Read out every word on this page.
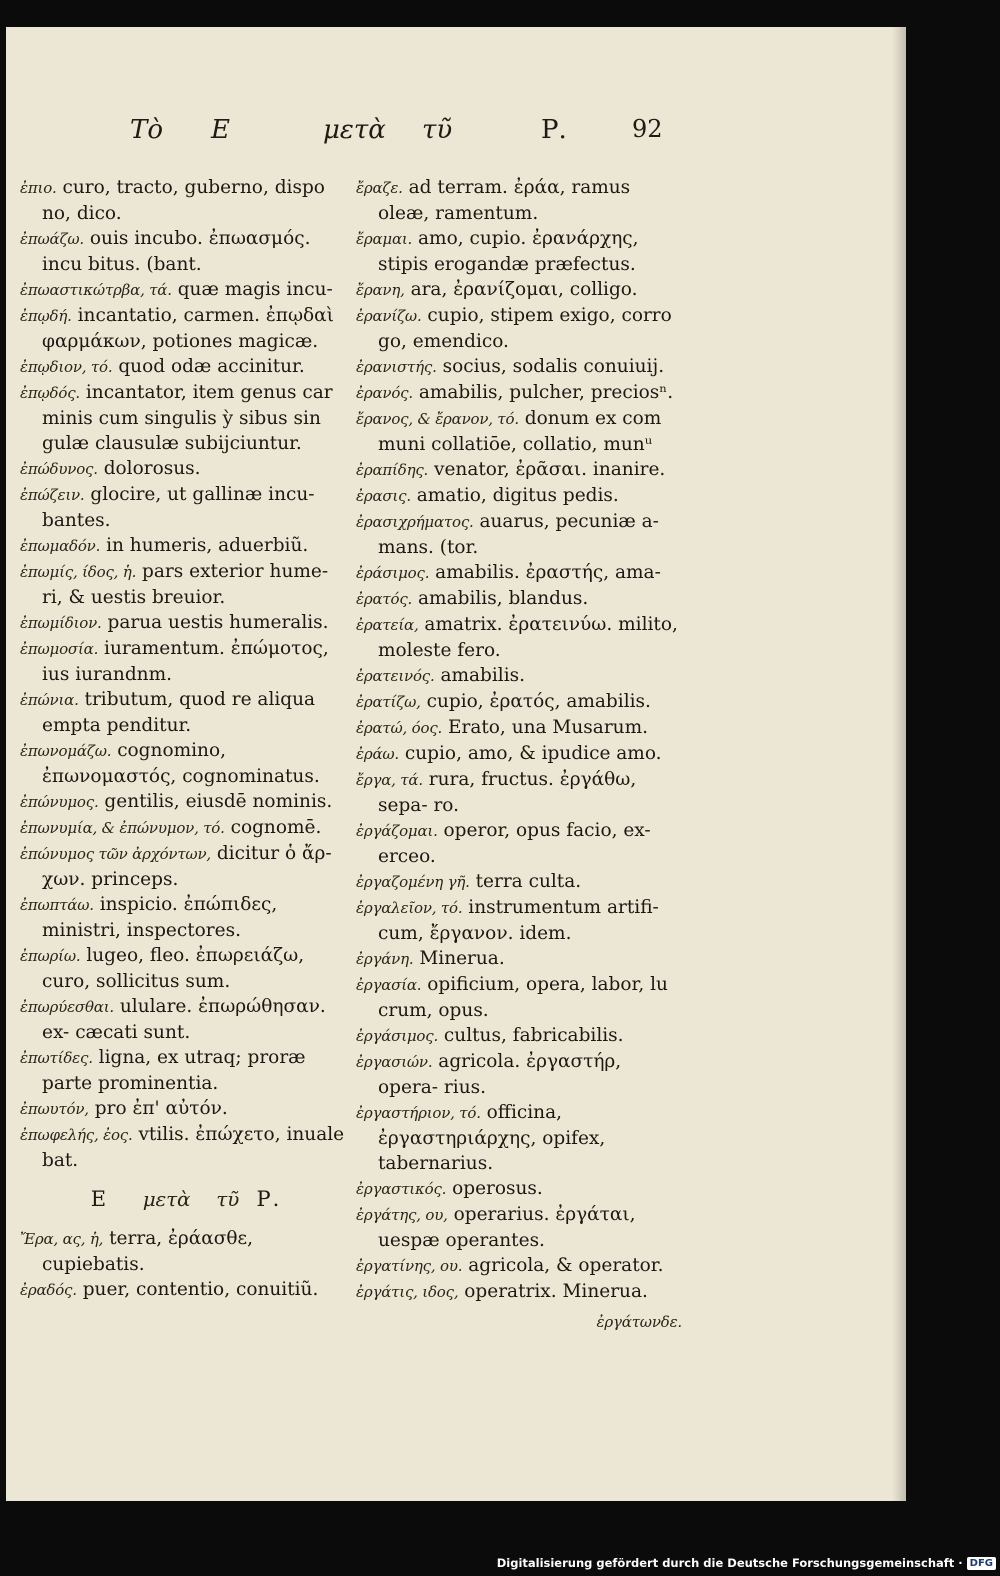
Τὸ Ε	μετὰ τῦ	Ρ.	92

ἐπιο. curo, tracto, guberno, dispo no, dico.

ἐπωάζω. ouis incubo. ἐπωασμός. incu bitus. (bant.

ἐπωαστικώτρβα, τά. quæ magis incu-

ἐπῳδή. incantatio, carmen. ἐπῳδαὶ φαρμάκων, potiones magicæ.

ἐπῳδιον, τό. quod odæ accinitur.

ἐπῳδός. incantator, item genus car minis cum singulis ỳ sibus sin gulæ clausulæ subijciuntur.

ἐπώδυνος. dolorosus.

ἐπώζειν. glocire, ut gallinæ incu- bantes.

ἐπωμαδόν. in humeris, aduerbiũ.

ἐπωμίς, ίδος, ἡ. pars exterior hume- ri, & uestis breuior.

ἐπωμίδιον. parua uestis humeralis.

ἐπωμοσία. iuramentum. ἐπώμοτος, ius iurandnm.

ἐπώνια. tributum, quod re aliqua empta penditur.

ἐπωνομάζω. cognomino, ἐπωνομαστός, cognominatus.

ἐπώνυμος. gentilis, eiusdē nominis.

ἐπωνυμία, & ἐπώνυμον, τό. cognomē.

ἐπώνυμος τῶν ἀρχόντων, dicitur ὁ ἄρ- χων. princeps.

ἐπωπτάω. inspicio. ἐπώπιδες, ministri, inspectores.

ἐπωρίω. lugeo, fleo. ἐπωρειάζω, curo, sollicitus sum.

ἐπωρύεσθαι. ululare. ἐπωρώθησαν. ex- cæcati sunt.

ἐπωτίδες. ligna, ex utraq; proræ parte prominentia.

ἐπωυτόν, pro ἐπ' αὐτόν.

ἐπωφελής, ἐος. vtilis. ἐπώχετο, inuale bat.

Ε μετὰ τῦ Ρ.

Ἔρα, ας, ἡ, terra, ἐράασθε, cupiebatis.

ἐραδός. puer, contentio, conuitiũ.

ἔραζε. ad terram. ἐράα, ramus oleæ, ramentum.

ἔραμαι. amo, cupio. ἐρανάρχης, stipis erogandæ præfectus.

ἔρανη, ara, ἐρανίζομαι, colligo.

ἐρανίζω. cupio, stipem exigo, corro go, emendico.

ἐρανιστής. socius, sodalis conuiuij.

ἐρανός. amabilis, pulcher, preciosⁿ.

ἔρανος, & ἔρανον, τό. donum ex com muni collatiōe, collatio, munᵘ

ἐραπίδης. venator, ἐρᾶσαι. inanire.

ἐρασις. amatio, digitus pedis.

ἐρασιχρήματος. auarus, pecuniæ a- mans. (tor.

ἐράσιμος. amabilis. ἐραστής, ama-

ἐρατός. amabilis, blandus.

ἐρατεία, amatrix. ἐρατεινύω. milito, moleste fero.

ἐρατεινός. amabilis.

ἐρατίζω, cupio, ἐρατός, amabilis.

ἐρατώ, όος. Erato, una Musarum.

ἐράω. cupio, amo, & ipudice amo.

ἔργα, τά. rura, fructus. ἐργάθω, sepa- ro.

ἐργάζομαι. operor, opus facio, ex- erceo.

ἐργαζομένη γῆ. terra culta.

ἐργαλεῖον, τό. instrumentum artifi- cum, ἔργανον. idem.

ἐργάνη. Minerua.

ἐργασία. opificium, opera, labor, lu crum, opus.

ἐργάσιμος. cultus, fabricabilis.

ἐργασιών. agricola. ἐργαστήρ, opera- rius.

ἐργαστήριον, τό. officina, ἐργαστηριάρχης, opifex, tabernarius.

ἐργαστικός. operosus.

ἐργάτης, ου, operarius. ἐργάται, uespæ operantes.

ἐργατίνης, ου. agricola, & operator.

ἐργάτις, ιδος, operatrix. Minerua.

ἐργάτωνδε.

Digitalisierung gefördert durch die Deutsche Forschungsgemeinschaft · DFG
